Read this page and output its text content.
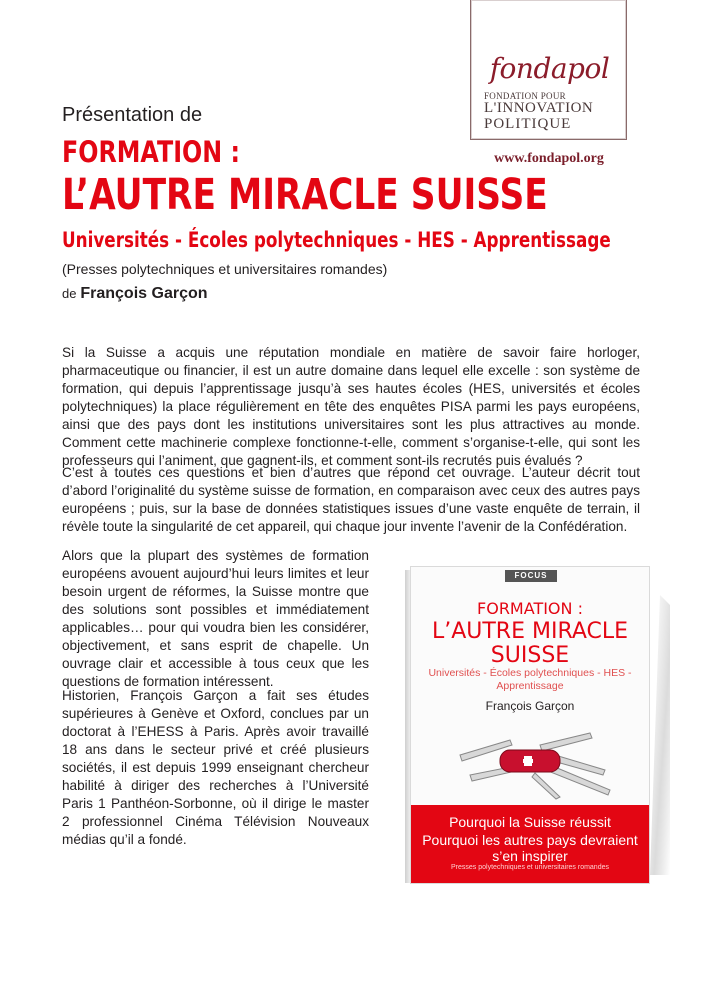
fondapol
FONDATION POUR
L'INNOVATION
POLITIQUE
www.fondapol.org
Présentation de
FORMATION :
L’AUTRE MIRACLE SUISSE
Universités - Écoles polytechniques - HES - Apprentissage
(Presses polytechniques et universitaires romandes)
de François Garçon
Si la Suisse a acquis une réputation mondiale en matière de savoir faire horloger, pharmaceutique ou financier, il est un autre domaine dans lequel elle excelle : son système de formation, qui depuis l’apprentissage jusqu’à ses hautes écoles (HES, universités et écoles polytechniques) la place régulièrement en tête des enquêtes PISA parmi les pays européens, ainsi que des pays dont les institutions universitaires sont les plus attractives au monde. Comment cette machinerie complexe fonctionne-t-elle, comment s’organise-t-elle, qui sont les professeurs qui l’animent, que gagnent-ils, et comment sont-ils recrutés puis évalués ?
C’est à toutes ces questions et bien d’autres que répond cet ouvrage. L’auteur décrit tout d’abord l’originalité du système suisse de formation, en comparaison avec ceux des autres pays européens ; puis, sur la base de données statistiques issues d’une vaste enquête de terrain, il révèle toute la singularité de cet appareil, qui chaque jour invente l’avenir de la Confédération.
Alors que la plupart des systèmes de formation européens avouent aujourd’hui leurs limites et leur besoin urgent de réformes, la Suisse montre que des solutions sont possibles et immédiatement applicables… pour qui voudra bien les considérer, objectivement, et sans esprit de chapelle. Un ouvrage clair et accessible à tous ceux que les questions de formation intéressent.
Historien, François Garçon a fait ses études supérieures à Genève et Oxford, conclues par un doctorat à l’EHESS à Paris. Après avoir travaillé 18 ans dans le secteur privé et créé plusieurs sociétés, il est depuis 1999 enseignant chercheur habilité à diriger des recherches à l’Université Paris 1 Panthéon-Sorbonne, où il dirige le master 2 professionnel Cinéma Télévision Nouveaux médias qu’il a fondé.
FOCUS
FORMATION :
L’AUTRE MIRACLE SUISSE
Universités - Écoles polytechniques - HES - Apprentissage
François Garçon
Pourquoi la Suisse réussit
Pourquoi les autres pays devraient s’en inspirer
Presses polytechniques et universitaires romandes
